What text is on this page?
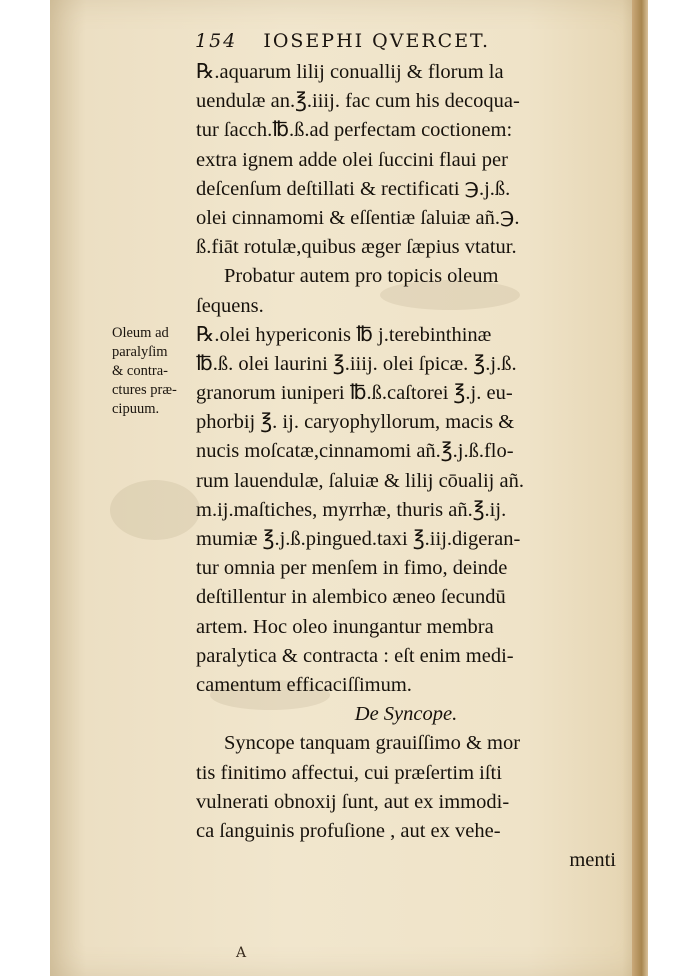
154 IOSEPHI QVERCET.
Oleum ad
paralyſim
& contra-
ctures præ-
cipuum.
℞.aquarum lilij conuallij & florum la
uendulæ an.℥.iiij. fac cum his decoqua-
tur ſacch.℔.ß.ad perfectam coctionem:
extra ignem adde olei ſuccini flaui per
deſcenſum deſtillati & rectificati ℈.j.ß.
olei cinnamomi & eſſentiæ ſaluiæ añ.℈.
ß.fiāt rotulæ,quibus æger ſæpius vtatur.
Probatur autem pro topicis oleum
ſequens.
℞.olei hypericonis ℔ j.terebinthinæ
℔.ß. olei laurini ℥.iiij. olei ſpicæ. ℥.j.ß.
granorum iuniperi ℔.ß.caſtorei ℥.j. eu-
phorbij ℥. ij. caryophyllorum, macis &
nucis moſcatæ,cinnamomi añ.℥.j.ß.flo-
rum lauendulæ, ſaluiæ & lilij cōualij añ.
m.ij.maſtiches, myrrhæ, thuris añ.℥.ij.
mumiæ ℥.j.ß.pingued.taxi ℥.iij.digeran-
tur omnia per menſem in fimo, deinde
deſtillentur in alembico æneo ſecundū
artem. Hoc oleo inungantur membra
paralytica & contracta : eſt enim medi-
camentum efficaciſſimum.
De Syncope.
Syncope tanquam grauiſſimo & mor
tis finitimo affectui, cui præſertim iſti
vulnerati obnoxij ſunt, aut ex immodi-
ca ſanguinis profuſione , aut ex vehe-
menti
A
